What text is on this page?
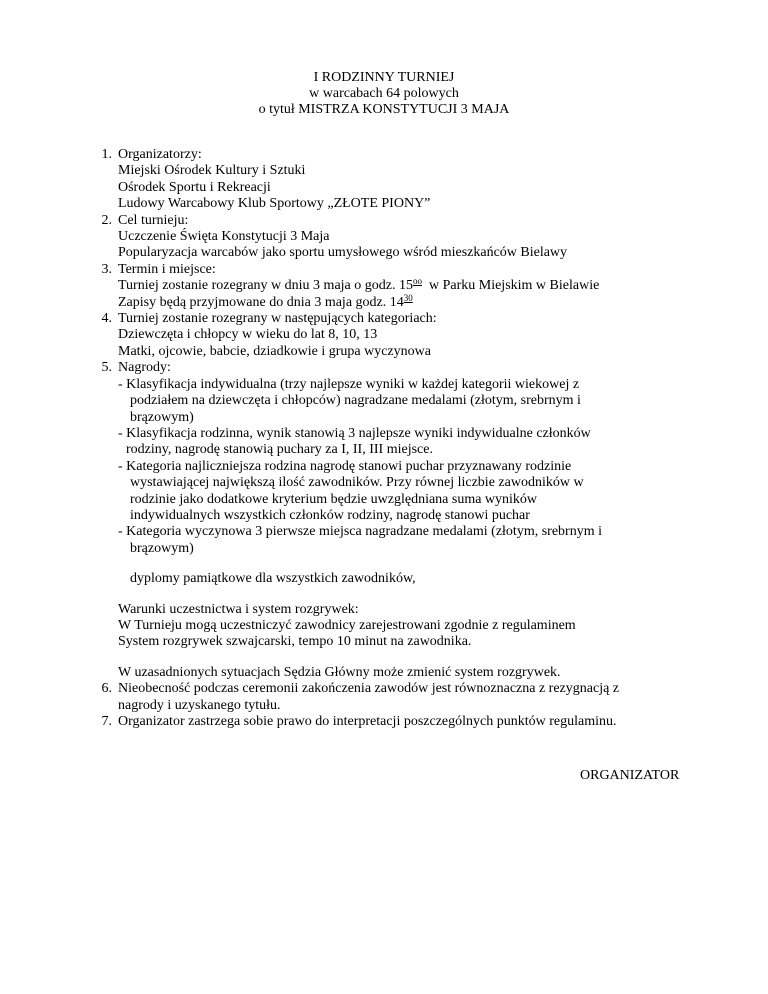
I RODZINNY TURNIEJ
w warcabach 64 polowych
o tytuł MISTRZA KONSTYTUCJI 3 MAJA
1. Organizatorzy:
Miejski Ośrodek Kultury i Sztuki
Ośrodek Sportu i Rekreacji
Ludowy Warcabowy Klub Sportowy „ZŁOTE PIONY”
2. Cel turnieju:
Uczczenie Święta Konstytucji 3 Maja
Popularyzacja warcabów jako sportu umysłowego wśród mieszkańców Bielawy
3. Termin i miejsce:
Turniej zostanie rozegrany w dniu 3 maja o godz. $15^{oo}$  w Parku Miejskim w Bielawie
Zapisy będą przyjmowane do dnia 3 maja godz. $14^{30}$
4. Turniej zostanie rozegrany w następujących kategoriach:
Dziewczęta i chłopcy w wieku do lat 8, 10, 13
Matki, ojcowie, babcie, dziadkowie i grupa wyczynowa
5. Nagrody:
- Klasyfikacja indywidualna (trzy najlepsze wyniki w każdej kategorii wiekowej z
podziałem na dziewczęta i chłopców) nagradzane medalami (złotym, srebrnym i
brązowym)
- Klasyfikacja rodzinna, wynik stanowią 3 najlepsze wyniki indywidualne członków
rodziny, nagrodę stanowią puchary za I, II, III miejsce.
- Kategoria najliczniejsza rodzina nagrodę stanowi puchar przyznawany rodzinie
wystawiającej największą ilość zawodników. Przy równej liczbie zawodników w
rodzinie jako dodatkowe kryterium będzie uwzględniana suma wyników
indywidualnych wszystkich członków rodziny, nagrodę stanowi puchar
- Kategoria wyczynowa 3 pierwsze miejsca nagradzane medalami (złotym, srebrnym i
brązowym)
dyplomy pamiątkowe dla wszystkich zawodników,
Warunki uczestnictwa i system rozgrywek:
W Turnieju mogą uczestniczyć zawodnicy zarejestrowani zgodnie z regulaminem
System rozgrywek szwajcarski, tempo 10 minut na zawodnika.
W uzasadnionych sytuacjach Sędzia Główny może zmienić system rozgrywek.
6. Nieobecność podczas ceremonii zakończenia zawodów jest równoznaczna z rezygnacją z
nagrody i uzyskanego tytułu.
7. Organizator zastrzega sobie prawo do interpretacji poszczególnych punktów regulaminu.
ORGANIZATOR
